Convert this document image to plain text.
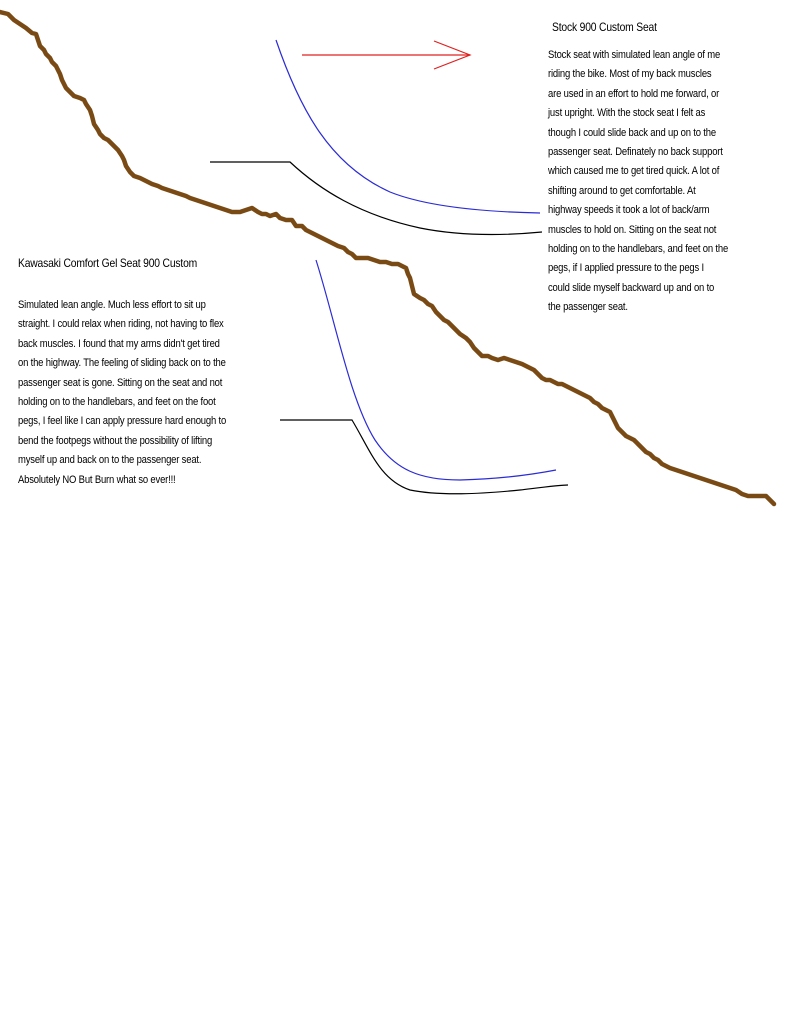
Stock 900 Custom Seat
Stock seat with simulated lean angle of me
riding the bike. Most of my back muscles
are used in an effort to hold me forward, or
just upright. With the stock seat I felt as
though I could slide back and up on to the
passenger seat. Definately no back support
which caused me to get tired quick. A lot of
shifting around to get comfortable. At
highway speeds it took a lot of back/arm
muscles to hold on. Sitting on the seat not
holding on to the handlebars, and feet on the
pegs, if I applied pressure to the pegs I
could slide myself backward up and on to
the passenger seat.
Kawasaki Comfort Gel Seat 900 Custom
Simulated lean angle. Much less effort to sit up
straight. I could relax when riding, not having to flex
back muscles. I found that my arms didn't get tired
on the highway. The feeling of sliding back on to the
passenger seat is gone. Sitting on the seat and not
holding on to the handlebars, and feet on the foot
pegs, I feel like I can apply pressure hard enough to
bend the footpegs without the possibility of lifting
myself up and back on to the passenger seat.
Absolutely NO But Burn what so ever!!!
